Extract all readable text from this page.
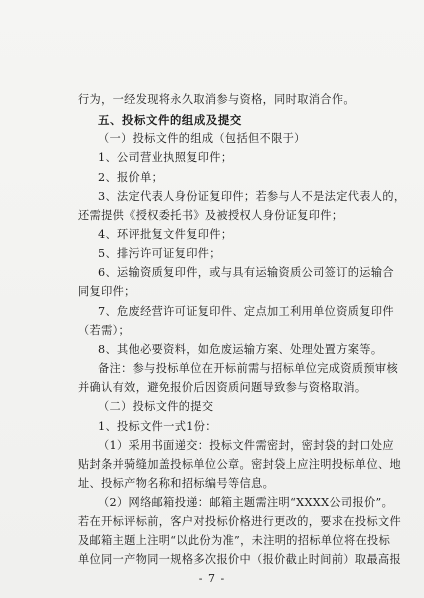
行为，一经发现将永久取消参与资格，同时取消合作。
五、投标文件的组成及提交
（一）投标文件的组成（包括但不限于）
1、公司营业执照复印件；
2、报价单；
3、法定代表人身份证复印件；若参与人不是法定代表人的，
还需提供《授权委托书》及被授权人身份证复印件；
4、环评批复文件复印件；
5、排污许可证复印件；
6、运输资质复印件，或与具有运输资质公司签订的运输合
同复印件；
7、危废经营许可证复印件、定点加工利用单位资质复印件
（若需）；
8、其他必要资料，如危废运输方案、处理处置方案等。
备注：参与投标单位在开标前需与招标单位完成资质预审核
并确认有效，避免报价后因资质问题导致参与资格取消。
（二）投标文件的提交
1、投标文件一式1份：
（1）采用书面递交：投标文件需密封，密封袋的封口处应
贴封条并骑缝加盖投标单位公章。密封袋上应注明投标单位、地
址、投标产物名称和招标编号等信息。
（2）网络邮箱投递：邮箱主题需注明“XXXX公司报价”。
若在开标评标前，客户对投标价格进行更改的，要求在投标文件
及邮箱主题上注明“以此份为准”，未注明的招标单位将在投标
单位同一产物同一规格多次报价中（报价截止时间前）取最高报
- 7 -
